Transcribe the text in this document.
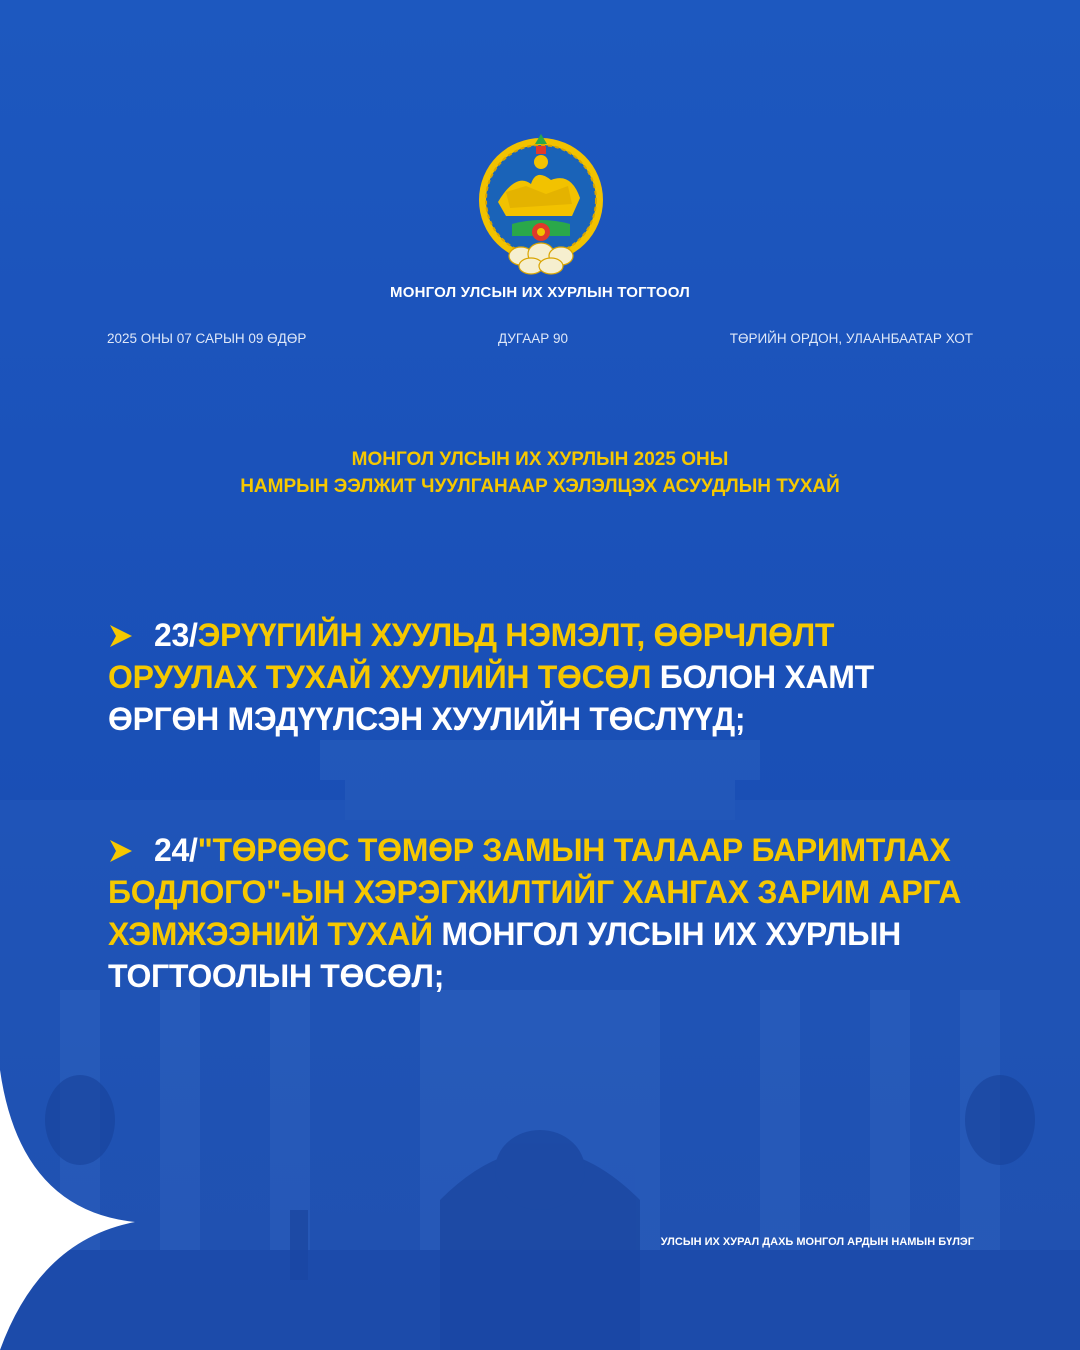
МОНГОЛ УЛСЫН ИХ ХУРЛЫН ТОГТООЛ
2025 ОНЫ 07 САРЫН 09 ӨДӨР	ДУГААР 90	ТӨРИЙН ОРДОН, УЛААНБААТАР ХОТ
МОНГОЛ УЛСЫН ИХ ХУРЛЫН 2025 ОНЫ
НАМРЫН ЭЭЛЖИТ ЧУУЛГАНААР ХЭЛЭЛЦЭХ АСУУДЛЫН ТУХАЙ
23/ЭРҮҮГИЙН ХУУЛЬД НЭМЭЛТ, ӨӨРЧЛӨЛТ ОРУУЛАХ ТУХАЙ ХУУЛИЙН ТӨСӨЛ БОЛОН ХАМТ ӨРГӨН МЭДҮҮЛСЭН ХУУЛИЙН ТӨСЛҮҮД;
24/"ТӨРӨӨС ТӨМӨР ЗАМЫН ТАЛААР БАРИМТЛАХ БОДЛОГО"-ЫН ХЭРЭГЖИЛТИЙГ ХАНГАХ ЗАРИМ АРГА ХЭМЖЭЭНИЙ ТУХАЙ МОНГОЛ УЛСЫН ИХ ХУРЛЫН ТОГТООЛЫН ТӨСӨЛ;
УЛСЫН ИХ ХУРАЛ ДАХЬ МОНГОЛ АРДЫН НАМЫН БҮЛЭГ
